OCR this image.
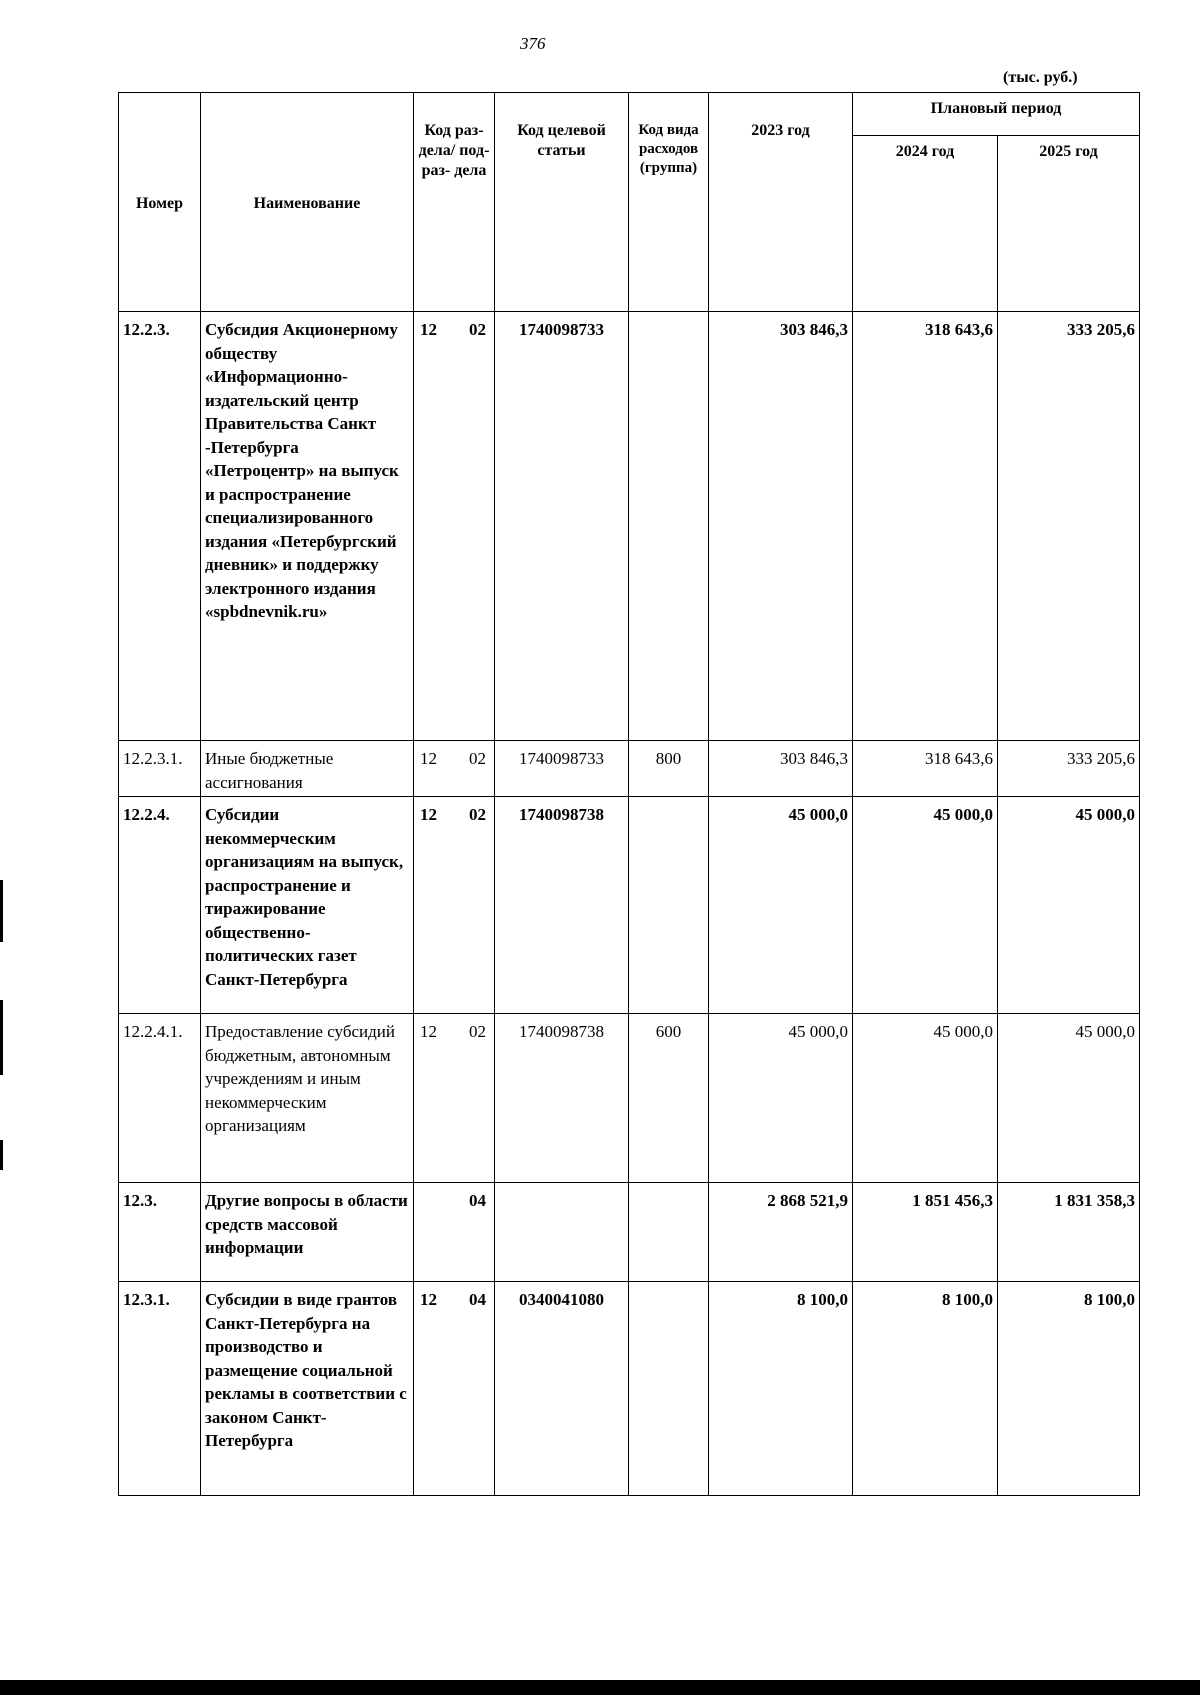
376
(тыс. руб.)
Номер	Наименование	Код раз- дела/ под- раз- дела	Код целевой статьи	Код вида расходов (группа)	2023 год	Плановый период	
						2024 год	2025 год
12.2.3.	Субсидия Акционерному обществу «Информационно-издательский центр Правительства Санкт -Петербурга «Петроцентр» на выпуск и распространение специализированного издания «Петербургский дневник» и поддержку электронного издания «spbdnevnik.ru»	12 02	1740098733		303 846,3	318 643,6	333 205,6
12.2.3.1.	Иные бюджетные ассигнования	12 02	1740098733	800	303 846,3	318 643,6	333 205,6
12.2.4.	Субсидии некоммерческим организациям на выпуск, распространение и тиражирование общественно-политических газет Санкт-Петербурга	12 02	1740098738		45 000,0	45 000,0	45 000,0
12.2.4.1.	Предоставление субсидий бюджетным, автономным учреждениям и иным некоммерческим организациям	12 02	1740098738	600	45 000,0	45 000,0	45 000,0
12.3.	Другие вопросы в области средств массовой информации	04			2 868 521,9	1 851 456,3	1 831 358,3
12.3.1.	Субсидии в виде грантов Санкт-Петербурга на производство и размещение социальной рекламы в соответствии с законом Санкт-Петербурга	12 04	0340041080		8 100,0	8 100,0	8 100,0
